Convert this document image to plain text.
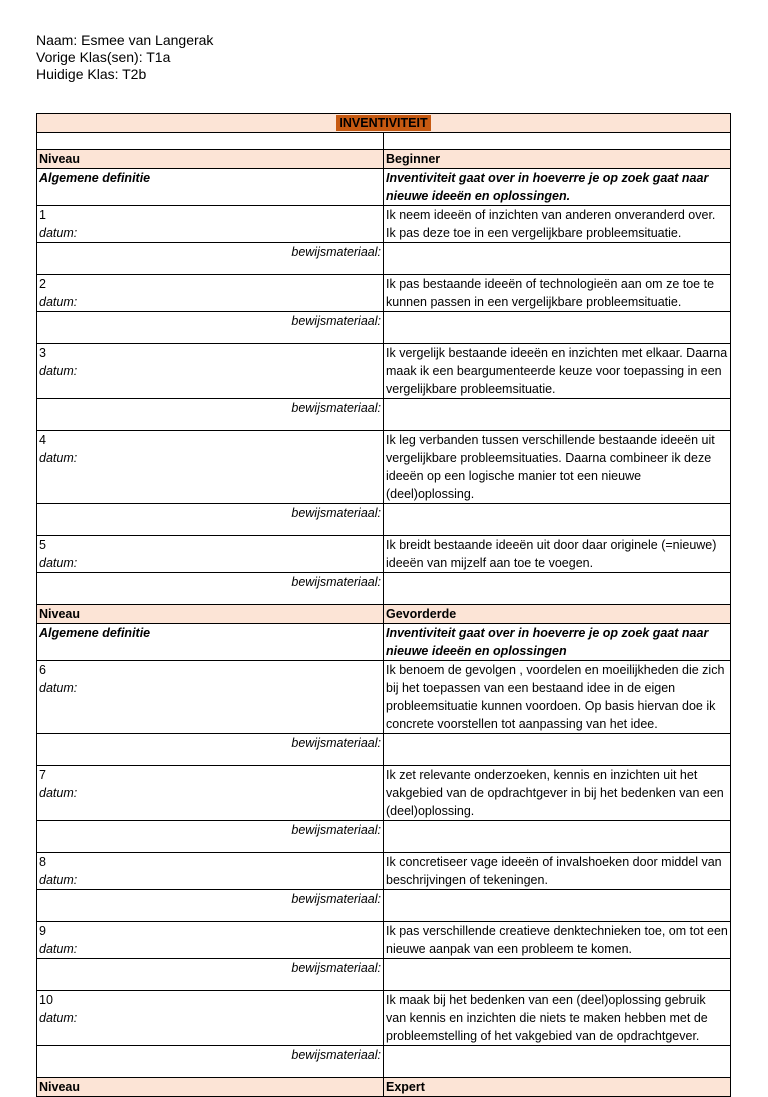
Naam: Esmee van Langerak
Vorige Klas(sen): T1a
Huidige Klas: T2b
INVENTIVITEIT	

Niveau	Beginner
Algemene definitie	Inventiviteit gaat over in hoeverre je op zoek gaat naar nieuwe ideeën en oplossingen.
1
datum:	Ik neem ideeën of inzichten van anderen onveranderd over. Ik pas deze toe in een vergelijkbare probleemsituatie.

bewijsmateriaal:	

2
datum:	Ik pas bestaande ideeën of technologieën aan om ze toe te kunnen passen in een vergelijkbare probleemsituatie.

bewijsmateriaal:	

3
datum:	Ik vergelijk bestaande ideeën en inzichten met elkaar. Daarna maak ik een beargumenteerde keuze voor toepassing in een vergelijkbare probleemsituatie.

bewijsmateriaal:	

4
datum:	Ik leg verbanden tussen verschillende bestaande ideeën uit vergelijkbare probleemsituaties. Daarna combineer ik deze ideeën op een logische manier tot een nieuwe (deel)oplossing.

bewijsmateriaal:	

5
datum:	Ik breidt bestaande ideeën uit door daar originele (=nieuwe) ideeën van mijzelf aan toe te voegen.

bewijsmateriaal:	

Niveau	Gevorderde
Algemene definitie	Inventiviteit gaat over in hoeverre je op zoek gaat naar nieuwe ideeën en oplossingen
6
datum:	Ik benoem de gevolgen , voordelen en moeilijkheden die zich bij het toepassen van een bestaand idee in de eigen probleemsituatie kunnen voordoen. Op basis hiervan doe ik concrete voorstellen tot aanpassing van het idee.

bewijsmateriaal:	

7
datum:	Ik zet relevante onderzoeken, kennis en inzichten uit het vakgebied van de opdrachtgever in bij het bedenken van een (deel)oplossing.

bewijsmateriaal:	

8
datum:	Ik concretiseer vage ideeën of invalshoeken door middel van beschrijvingen of tekeningen.

bewijsmateriaal:	

9
datum:	Ik pas verschillende creatieve denktechnieken toe, om tot een nieuwe aanpak van een probleem te komen.

bewijsmateriaal:	

10
datum:	Ik maak bij het bedenken van een (deel)oplossing gebruik van kennis en inzichten die niets te maken hebben met de probleemstelling of het vakgebied van de opdrachtgever.

bewijsmateriaal:	

Niveau	Expert
